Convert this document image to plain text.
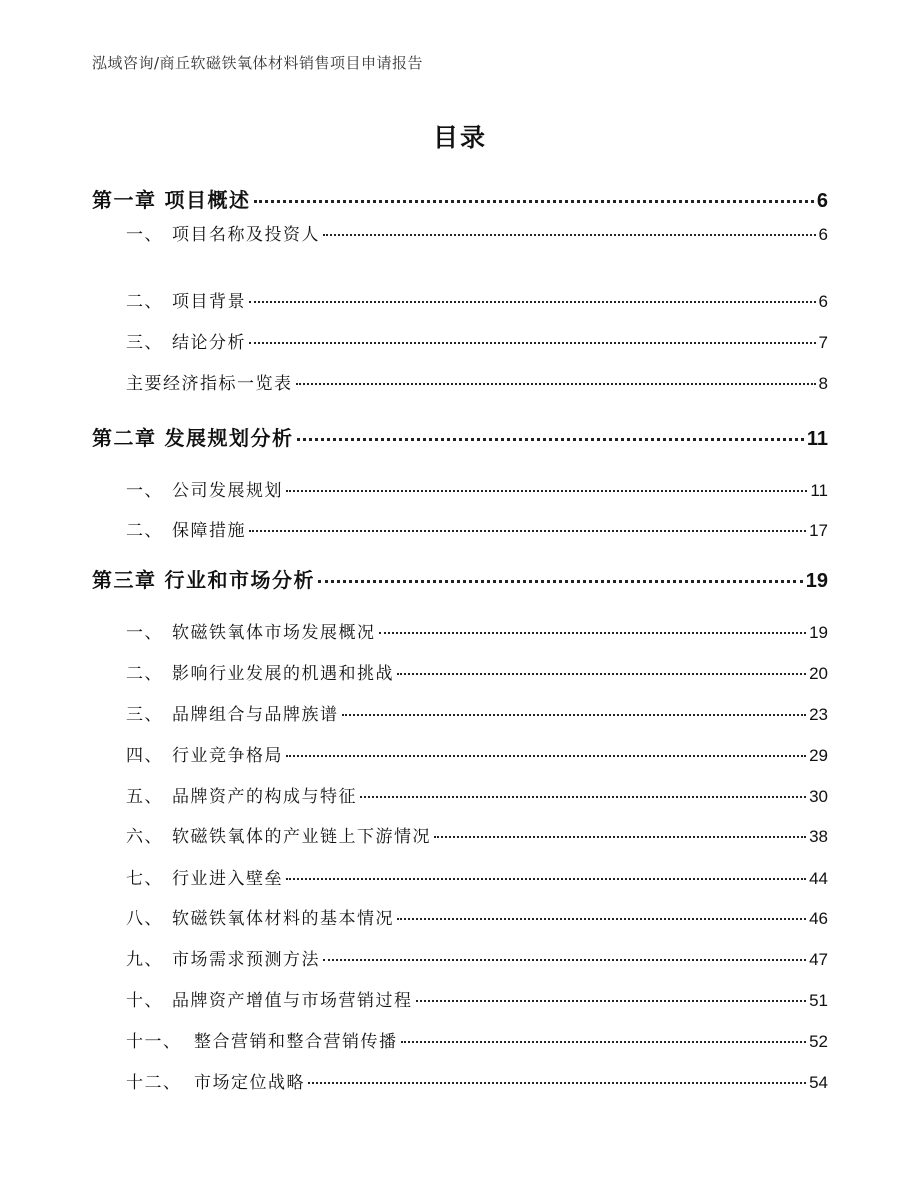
泓域咨询/商丘软磁铁氧体材料销售项目申请报告
目录
第一章 项目概述	6
一、 项目名称及投资人	6
二、 项目背景	6
三、 结论分析	7
主要经济指标一览表	8
第二章 发展规划分析	11
一、 公司发展规划	11
二、 保障措施	17
第三章 行业和市场分析	19
一、 软磁铁氧体市场发展概况	19
二、 影响行业发展的机遇和挑战	20
三、 品牌组合与品牌族谱	23
四、 行业竞争格局	29
五、 品牌资产的构成与特征	30
六、 软磁铁氧体的产业链上下游情况	38
七、 行业进入壁垒	44
八、 软磁铁氧体材料的基本情况	46
九、 市场需求预测方法	47
十、 品牌资产增值与市场营销过程	51
十一、 整合营销和整合营销传播	52
十二、 市场定位战略	54
